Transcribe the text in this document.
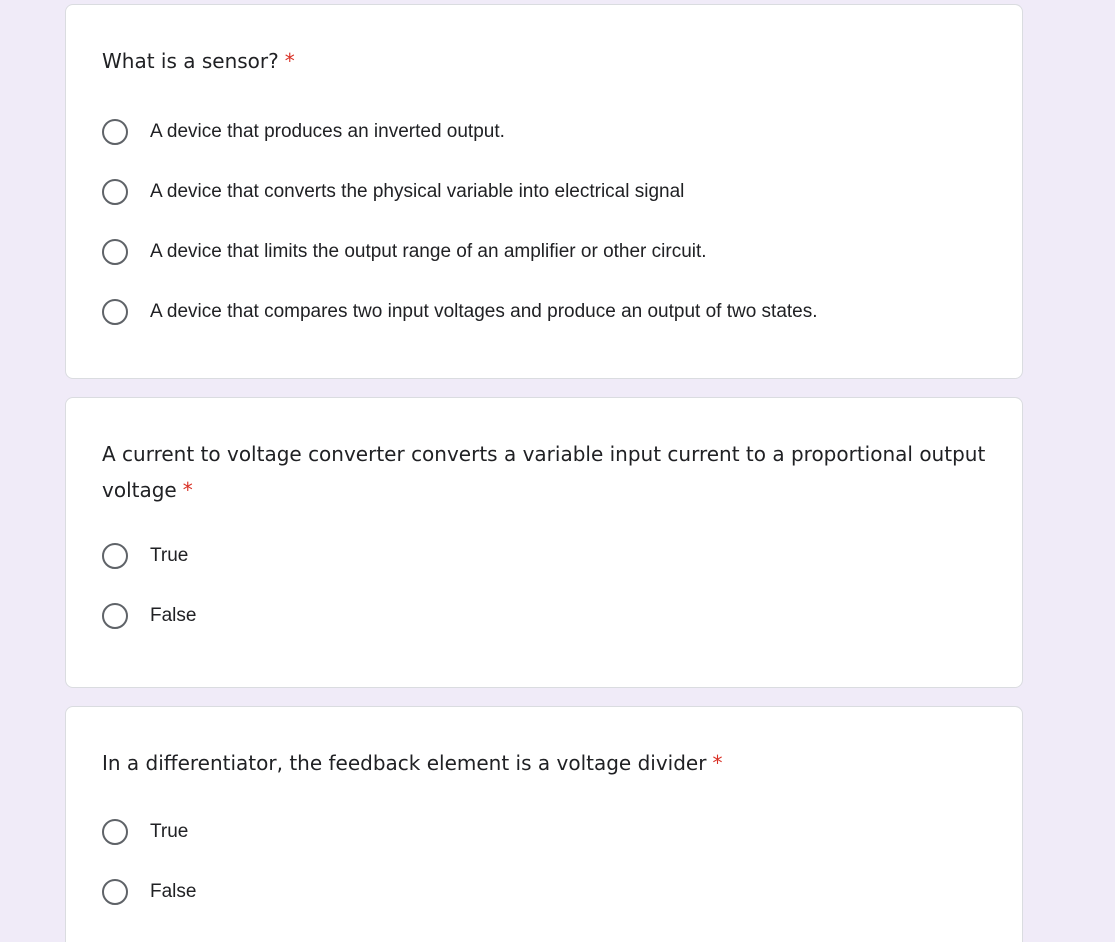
What is a sensor? *
A device that produces an inverted output.
A device that converts the physical variable into electrical signal
A device that limits the output range of an amplifier or other circuit.
A device that compares two input voltages and produce an output of two states.
A current to voltage converter converts a variable input current to a proportional output voltage *
True
False
In a differentiator, the feedback element is a voltage divider *
True
False
